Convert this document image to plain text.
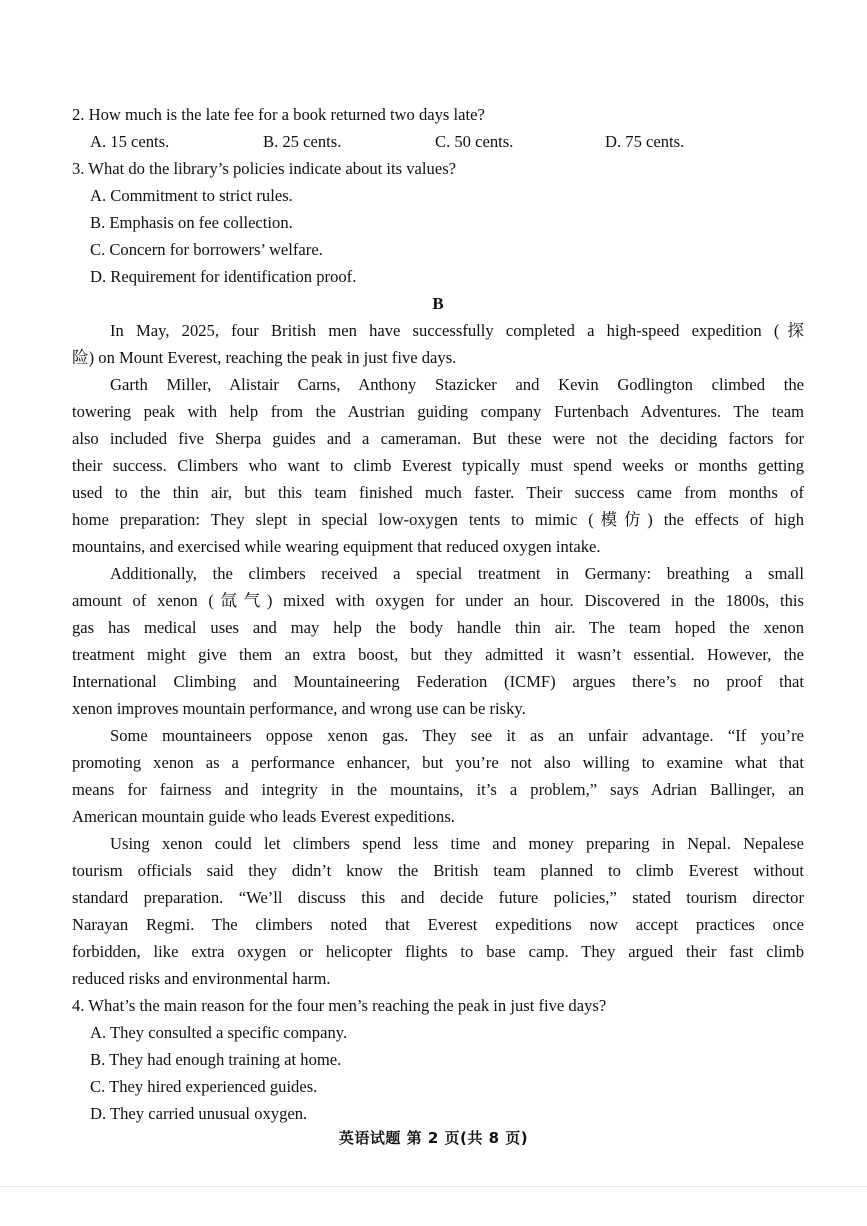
2. How much is the late fee for a book returned two days late?
A. 15 cents.	B. 25 cents.	C. 50 cents.	D. 75 cents.
3. What do the library’s policies indicate about its values?
A. Commitment to strict rules.
B. Emphasis on fee collection.
C. Concern for borrowers’ welfare.
D. Requirement for identification proof.
B
In May, 2025, four British men have successfully completed a high-speed expedition (探
险) on Mount Everest, reaching the peak in just five days.
Garth Miller, Alistair Carns, Anthony Stazicker and Kevin Godlington climbed the
towering peak with help from the Austrian guiding company Furtenbach Adventures. The team
also included five Sherpa guides and a cameraman. But these were not the deciding factors for
their success. Climbers who want to climb Everest typically must spend weeks or months getting
used to the thin air, but this team finished much faster. Their success came from months of
home preparation: They slept in special low-oxygen tents to mimic (模仿) the effects of high
mountains, and exercised while wearing equipment that reduced oxygen intake.
Additionally, the climbers received a special treatment in Germany: breathing a small
amount of xenon (氙气) mixed with oxygen for under an hour. Discovered in the 1800s, this
gas has medical uses and may help the body handle thin air. The team hoped the xenon
treatment might give them an extra boost, but they admitted it wasn’t essential. However, the
International Climbing and Mountaineering Federation (ICMF) argues there’s no proof that
xenon improves mountain performance, and wrong use can be risky.
Some mountaineers oppose xenon gas. They see it as an unfair advantage. “If you’re
promoting xenon as a performance enhancer, but you’re not also willing to examine what that
means for fairness and integrity in the mountains, it’s a problem,” says Adrian Ballinger, an
American mountain guide who leads Everest expeditions.
Using xenon could let climbers spend less time and money preparing in Nepal. Nepalese
tourism officials said they didn’t know the British team planned to climb Everest without
standard preparation. “We’ll discuss this and decide future policies,” stated tourism director
Narayan Regmi. The climbers noted that Everest expeditions now accept practices once
forbidden, like extra oxygen or helicopter flights to base camp. They argued their fast climb
reduced risks and environmental harm.
4. What’s the main reason for the four men’s reaching the peak in just five days?
A. They consulted a specific company.
B. They had enough training at home.
C. They hired experienced guides.
D. They carried unusual oxygen.
英语试题 第 2 页(共 8 页)
